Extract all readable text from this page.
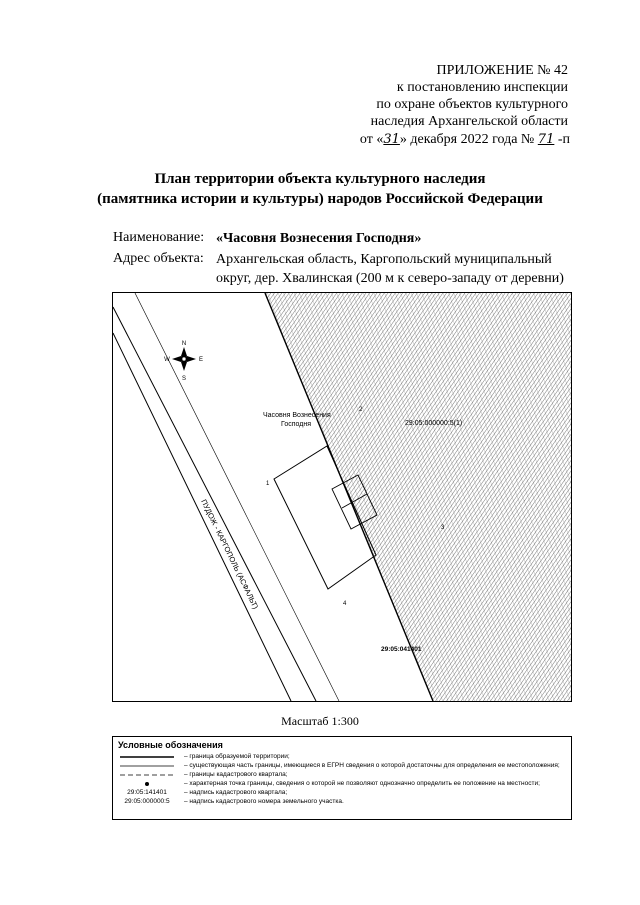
ПРИЛОЖЕНИЕ № 42
к постановлению инспекции
по охране объектов культурного
наследия Архангельской области
от «31» декабря 2022 года № 71 -п
План территории объекта культурного наследия
(памятника истории и культуры) народов Российской Федерации
Наименование: «Часовня Вознесения Господня»
Адрес объекта: Архангельская область, Каргопольский муниципальный
округ, дер. Хвалинская (200 м к северо-западу от деревни)
N
S
W	E
Часовня Вознесения
Господня	29:05:000000:5(1)
29:05:041401
ПУДОЖ - КАРГОПОЛЬ (АСФАЛЬТ)
1
2
3
4
Масштаб 1:300
Условные обозначения
– граница образуемой территории;
– существующая часть границы, имеющиеся в ЕГРН сведения о которой достаточны для определения ее местоположения;
– границы кадастрового квартала;
– характерная точка границы, сведения о которой не позволяют однозначно определить ее положение на местности;
29:05:141401	– надпись кадастрового квартала;
29:05:000000:5	– надпись кадастрового номера земельного участка.
